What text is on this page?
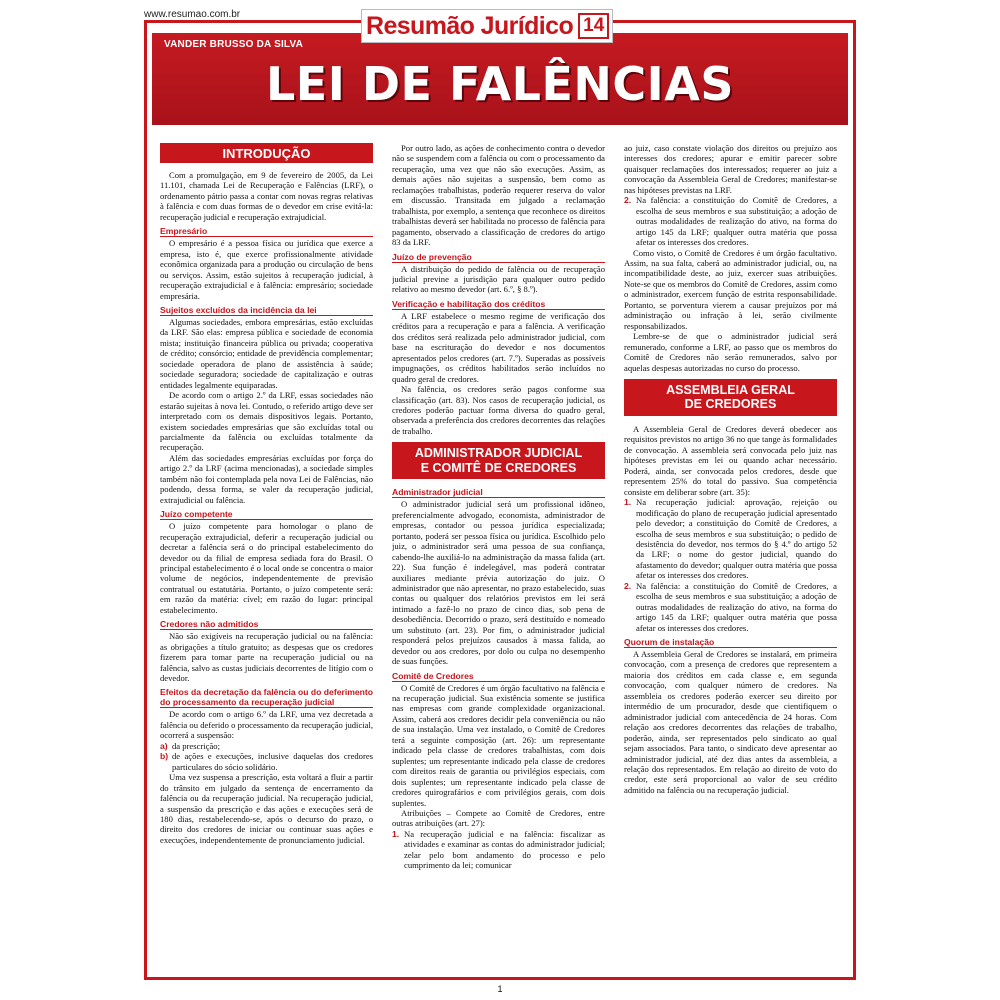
www.resumao.com.br
VANDER BRUSSO DA SILVA
LEI DE FALÊNCIAS
Resumão Jurídico 14
INTRODUÇÃO

Com a promulgação, em 9 de fevereiro de 2005, da Lei 11.101, chamada Lei de Recuperação e Falências (LRF), o ordenamento pátrio passa a contar com novas regras relativas à falência e com duas formas de o devedor em crise evitá-la: recuperação judicial e recuperação extrajudicial.

Empresário

O empresário é a pessoa física ou jurídica que exerce a empresa, isto é, que exerce profissionalmente atividade econômica organizada para a produção ou circulação de bens ou serviços. Assim, estão sujeitos à recuperação judicial, à recuperação extrajudicial e à falência: empresário; sociedade empresária.

Sujeitos excluídos da incidência da lei

Algumas sociedades, embora empresárias, estão excluídas da LRF. São elas: empresa pública e sociedade de economia mista; instituição financeira pública ou privada; cooperativa de crédito; consórcio; entidade de previdência complementar; sociedade operadora de plano de assistência à saúde; sociedade seguradora; sociedade de capitalização e outras entidades legalmente equiparadas.

De acordo com o artigo 2.º da LRF, essas sociedades não estarão sujeitas à nova lei. Contudo, o referido artigo deve ser interpretado com os demais dispositivos legais. Portanto, existem sociedades empresárias que são excluídas total ou parcialmente da falência ou excluídas totalmente da recuperação.

Além das sociedades empresárias excluídas por força do artigo 2.º da LRF (acima mencionadas), a sociedade simples também não foi contemplada pela nova Lei de Falências, não podendo, dessa forma, se valer da recuperação judicial, extrajudicial ou falência.

Juízo competente

O juízo competente para homologar o plano de recuperação extrajudicial, deferir a recuperação judicial ou decretar a falência será o do principal estabelecimento do devedor ou da filial de empresa sediada fora do Brasil. O principal estabelecimento é o local onde se concentra o maior volume de negócios, independentemente de previsão contratual ou estatutária. Portanto, o juízo competente será: em razão da matéria: cível; em razão do lugar: principal estabelecimento.

Credores não admitidos

Não são exigíveis na recuperação judicial ou na falência: as obrigações a título gratuito; as despesas que os credores fizerem para tomar parte na recuperação judicial ou na falência, salvo as custas judiciais decorrentes de litígio com o devedor.

Efeitos da decretação da falência ou do deferimento do processamento da recuperação judicial

De acordo com o artigo 6.º da LRF, uma vez decretada a falência ou deferido o processamento da recuperação judicial, ocorrerá a suspensão:

a) da prescrição;
b) de ações e execuções, inclusive daquelas dos credores particulares do sócio solidário.

Uma vez suspensa a prescrição, esta voltará a fluir a partir do trânsito em julgado da sentença de encerramento da falência ou da recuperação judicial. Na recuperação judicial, a suspensão da prescrição e das ações e execuções será de 180 dias, restabelecendo-se, após o decurso do prazo, o direito dos credores de iniciar ou continuar suas ações e execuções, independentemente de pronunciamento judicial.

Por outro lado, as ações de conhecimento contra o devedor não se suspendem com a falência ou com o processamento da recuperação, uma vez que não são execuções. Assim, as demais ações não sujeitas a suspensão, bem como as reclamações trabalhistas, poderão requerer reserva do valor em discussão. Transitada em julgado a reclamação trabalhista, por exemplo, a sentença que reconhece os direitos trabalhistas deverá ser habilitada no processo de falência para pagamento, observado a classificação de credores do artigo 83 da LRF.

Juízo de prevenção

A distribuição do pedido de falência ou de recuperação judicial previne a jurisdição para qualquer outro pedido relativo ao mesmo devedor (art. 6.º, § 8.º).

Verificação e habilitação dos créditos

A LRF estabelece o mesmo regime de verificação dos créditos para a recuperação e para a falência. A verificação dos créditos será realizada pelo administrador judicial, com base na escrituração do devedor e nos documentos apresentados pelos credores (art. 7.º). Superadas as possíveis impugnações, os créditos habilitados serão incluídos no quadro geral de credores.

Na falência, os credores serão pagos conforme sua classificação (art. 83). Nos casos de recuperação judicial, os credores poderão pactuar forma diversa do quadro geral, observada a preferência dos credores decorrentes das relações de trabalho.

ADMINISTRADOR JUDICIAL
E COMITÊ DE CREDORES
Administrador judicial

O administrador judicial será um profissional idôneo, preferencialmente advogado, economista, administrador de empresas, contador ou pessoa jurídica especializada; portanto, poderá ser pessoa física ou jurídica. Escolhido pelo juiz, o administrador será uma pessoa de sua confiança, cabendo-lhe auxiliá-lo na administração da massa falida (art. 22). Sua função é indelegável, mas poderá contratar auxiliares mediante prévia autorização do juiz. O administrador que não apresentar, no prazo estabelecido, suas contas ou qualquer dos relatórios previstos em lei será intimado a fazê-lo no prazo de cinco dias, sob pena de desobediência. Decorrido o prazo, será destituído e nomeado um substituto (art. 23). Por fim, o administrador judicial responderá pelos prejuízos causados à massa falida, ao devedor ou aos credores, por dolo ou culpa no desempenho de suas funções.

Comitê de Credores

O Comitê de Credores é um órgão facultativo na falência e na recuperação judicial. Sua existência somente se justifica nas empresas com grande complexidade organizacional. Assim, caberá aos credores decidir pela conveniência ou não de sua instalação. Uma vez instalado, o Comitê de Credores terá a seguinte composição (art. 26): um representante indicado pela classe de credores trabalhistas, com dois suplentes; um representante indicado pela classe de credores com direitos reais de garantia ou privilégios especiais, com dois suplentes; um representante indicado pela classe de credores quirografários e com privilégios gerais, com dois suplentes.

Atribuições – Compete ao Comitê de Credores, entre outras atribuições (art. 27):

1. Na recuperação judicial e na falência: fiscalizar as atividades e examinar as contas do administrador judicial; zelar pelo bom andamento do processo e pelo cumprimento da lei; comunicar

ao juiz, caso constate violação dos direitos ou prejuízo aos interesses dos credores; apurar e emitir parecer sobre quaisquer reclamações dos interessados; requerer ao juiz a convocação da Assembleia Geral de Credores; manifestar-se nas hipóteses previstas na LRF.

2. Na falência: a constituição do Comitê de Credores, a escolha de seus membros e sua substituição; a adoção de outras modalidades de realização do ativo, na forma do artigo 145 da LRF; qualquer outra matéria que possa afetar os interesses dos credores.

Como visto, o Comitê de Credores é um órgão facultativo. Assim, na sua falta, caberá ao administrador judicial, ou, na incompatibilidade deste, ao juiz, exercer suas atribuições. Note-se que os membros do Comitê de Credores, assim como o administrador, exercem função de estrita responsabilidade. Portanto, se porventura vierem a causar prejuízos por má administração ou infração à lei, serão civilmente responsabilizados.

Lembre-se de que o administrador judicial será remunerado, conforme a LRF, ao passo que os membros do Comitê de Credores não serão remunerados, salvo por aquelas despesas autorizadas no curso do processo.

ASSEMBLEIA GERAL
DE CREDORES

A Assembleia Geral de Credores deverá obedecer aos requisitos previstos no artigo 36 no que tange às formalidades de convocação. A assembleia será convocada pelo juiz nas hipóteses previstas em lei ou quando achar necessário. Poderá, ainda, ser convocada pelos credores, desde que representem 25% do total do passivo. Sua competência consiste em deliberar sobre (art. 35):

1. Na recuperação judicial: aprovação, rejeição ou modificação do plano de recuperação judicial apresentado pelo devedor; a constituição do Comitê de Credores, a escolha de seus membros e sua substituição; o pedido de desistência do devedor, nos termos do § 4.º do artigo 52 da LRF; o nome do gestor judicial, quando do afastamento do devedor; qualquer outra matéria que possa afetar os interesses dos credores.
2. Na falência: a constituição do Comitê de Credores, a escolha de seus membros e sua substituição; a adoção de outras modalidades de realização do ativo, na forma do artigo 145 da LRF; qualquer outra matéria que possa afetar os interesses dos credores.
Quorum de instalação

A Assembleia Geral de Credores se instalará, em primeira convocação, com a presença de credores que representem a maioria dos créditos em cada classe e, em segunda convocação, com qualquer número de credores. Na assembleia os credores poderão exercer seu direito por intermédio de um procurador, desde que cientifiquem o administrador judicial com antecedência de 24 horas. Com relação aos credores decorrentes das relações de trabalho, poderão, ainda, ser representados pelo sindicato ao qual sejam associados. Para tanto, o sindicato deve apresentar ao administrador judicial, até dez dias antes da assembleia, a relação dos representados. Em relação ao direito de voto do credor, este será proporcional ao valor de seu crédito admitido na falência ou na recuperação judicial.

1
